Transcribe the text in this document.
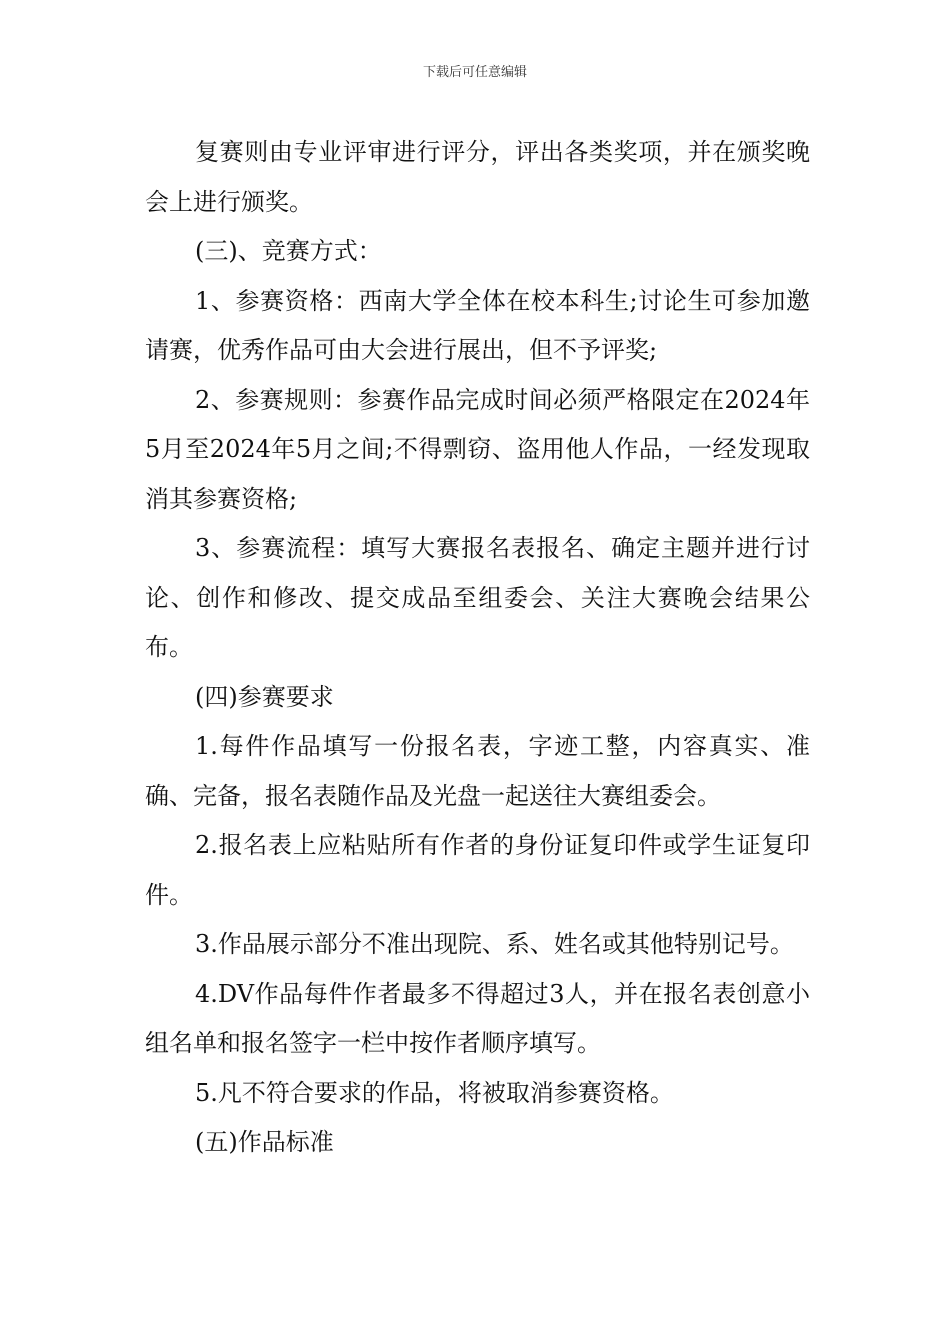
下载后可任意编辑

复赛则由专业评审进行评分，评出各类奖项，并在颁奖晚会上进行颁奖。

(三)、竞赛方式：

1、参赛资格：西南大学全体在校本科生;讨论生可参加邀请赛，优秀作品可由大会进行展出，但不予评奖;

2、参赛规则：参赛作品完成时间必须严格限定在2024年5月至2024年5月之间;不得剽窃、盗用他人作品，一经发现取消其参赛资格;

3、参赛流程：填写大赛报名表报名、确定主题并进行讨论、创作和修改、提交成品至组委会、关注大赛晚会结果公布。

(四)参赛要求

1.每件作品填写一份报名表，字迹工整，内容真实、准确、完备，报名表随作品及光盘一起送往大赛组委会。

2.报名表上应粘贴所有作者的身份证复印件或学生证复印件。

3.作品展示部分不准出现院、系、姓名或其他特别记号。

4.DV作品每件作者最多不得超过3人，并在报名表创意小组名单和报名签字一栏中按作者顺序填写。

5.凡不符合要求的作品，将被取消参赛资格。

(五)作品标准
